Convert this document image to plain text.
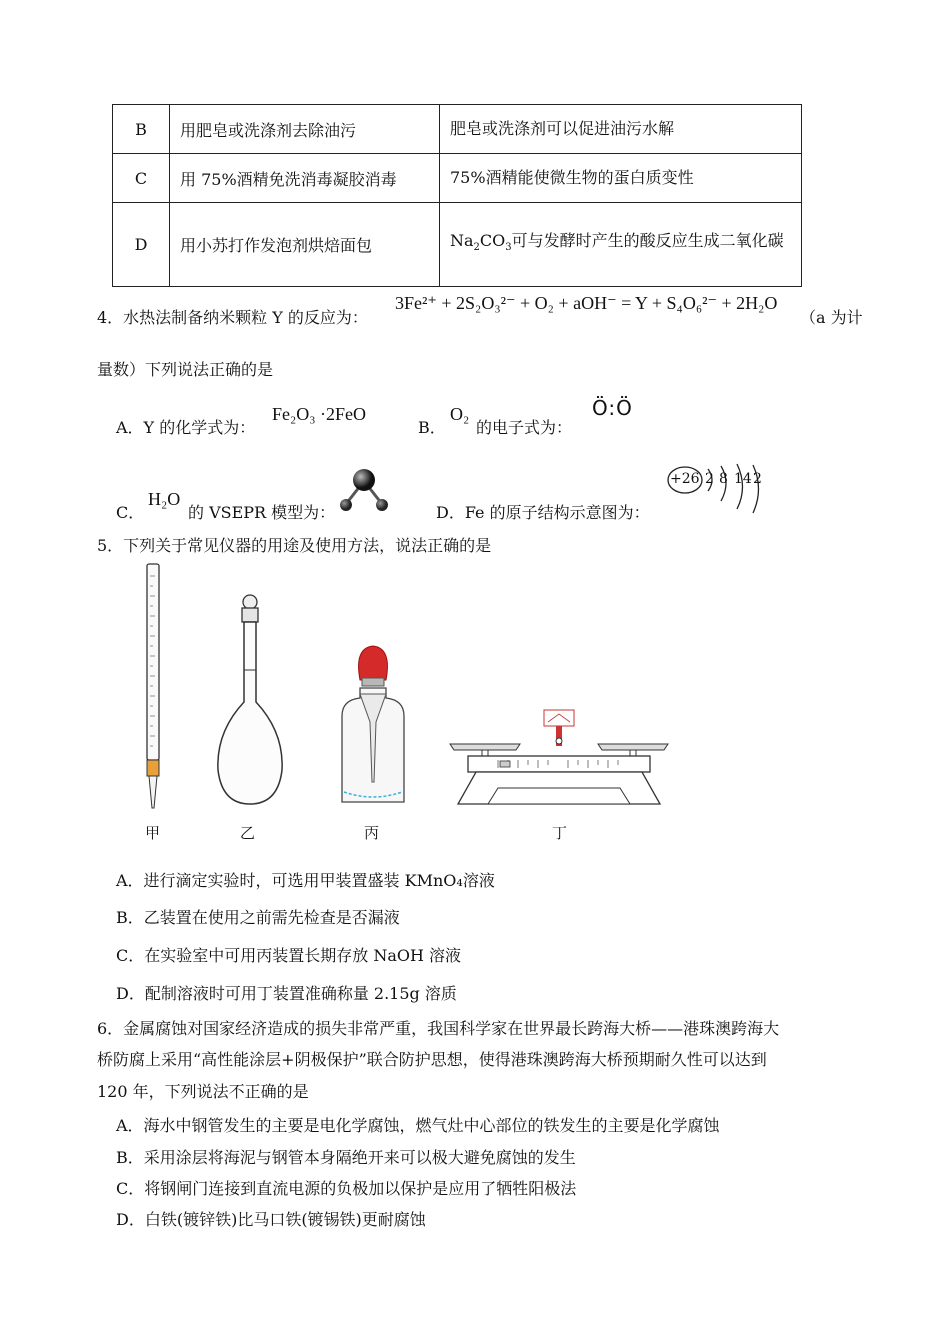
B	用肥皂或洗涤剂去除油污	肥皂或洗涤剂可以促进油污水解
C	用 75%酒精免洗消毒凝胶消毒	75%酒精能使微生物的蛋白质变性
D	用小苏打作发泡剂烘焙面包	$Na_2CO_3$可与发酵时产生的酸反应生成二氧化碳
4．水热法制备纳米颗粒 Y 的反应为：
3Fe²⁺ + 2S₂O₃²⁻ + O₂ + aOH⁻ = Y + S₄O₆²⁻ + 2H₂O
（a 为计
量数）下列说法正确的是
A．Y 的化学式为：
Fe₂O₃ ·2FeO
B．
O₂
的电子式为：
Ö:Ö
C．
H₂O
的 VSEPR 模型为：	D．Fe 的原子结构示意图为：
+26 2 8 14 2
5．下列关于常见仪器的用途及使用方法，说法正确的是
甲	乙	丙	丁
A．进行滴定实验时，可选用甲装置盛装 KMnO₄溶液
B．乙装置在使用之前需先检查是否漏液
C．在实验室中可用丙装置长期存放 NaOH 溶液
D．配制溶液时可用丁装置准确称量 2.15g 溶质
6．金属腐蚀对国家经济造成的损失非常严重，我国科学家在世界最长跨海大桥——港珠澳跨海大
桥防腐上采用“高性能涂层+阴极保护”联合防护思想，使得港珠澳跨海大桥预期耐久性可以达到
120 年，下列说法不正确的是
A．海水中钢管发生的主要是电化学腐蚀，燃气灶中心部位的铁发生的主要是化学腐蚀
B．采用涂层将海泥与钢管本身隔绝开来可以极大避免腐蚀的发生
C．将钢闸门连接到直流电源的负极加以保护是应用了牺牲阳极法
D．白铁(镀锌铁)比马口铁(镀锡铁)更耐腐蚀
